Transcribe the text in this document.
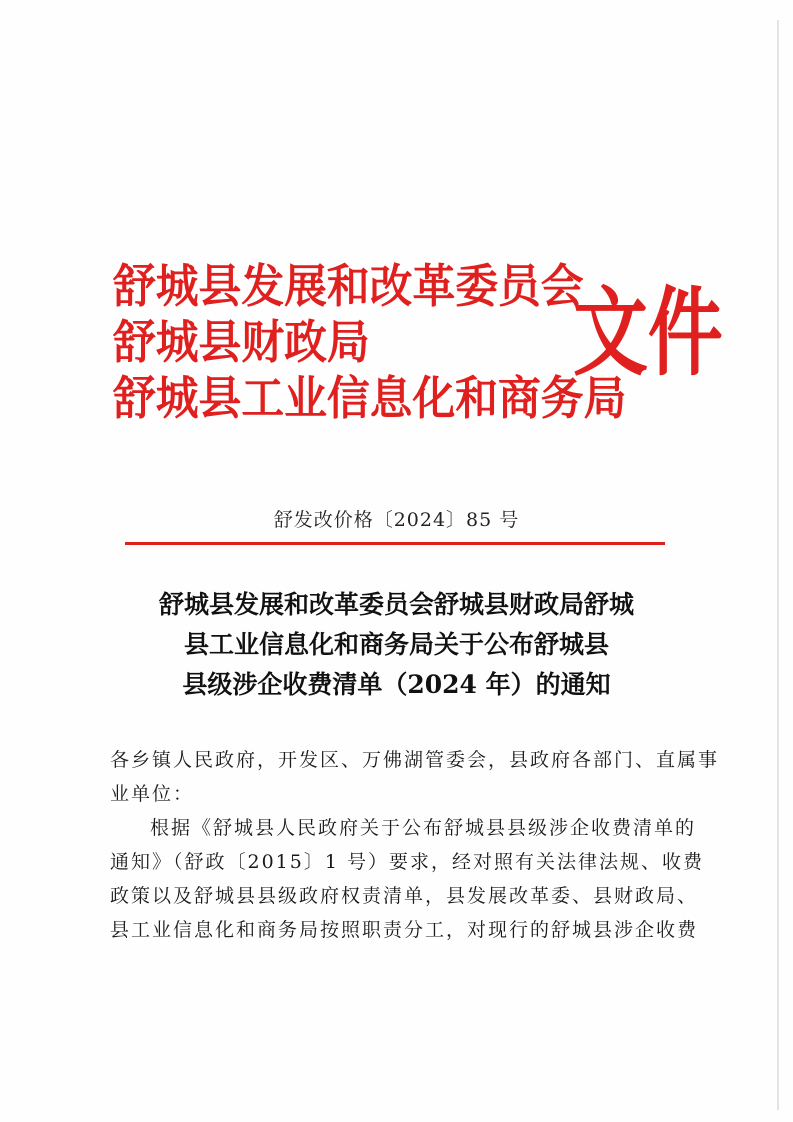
舒城县发展和改革委员会
舒城县财政局
舒城县工业信息化和商务局
文件
舒发改价格〔2024〕85 号
舒城县发展和改革委员会舒城县财政局舒城
县工业信息化和商务局关于公布舒城县
县级涉企收费清单（2024 年）的通知

各乡镇人民政府，开发区、万佛湖管委会，县政府各部门、直属事
业单位：

根据《舒城县人民政府关于公布舒城县县级涉企收费清单的
通知》（舒政〔2015〕1 号）要求，经对照有关法律法规、收费
政策以及舒城县县级政府权责清单，县发展改革委、县财政局、
县工业信息化和商务局按照职责分工，对现行的舒城县涉企收费
